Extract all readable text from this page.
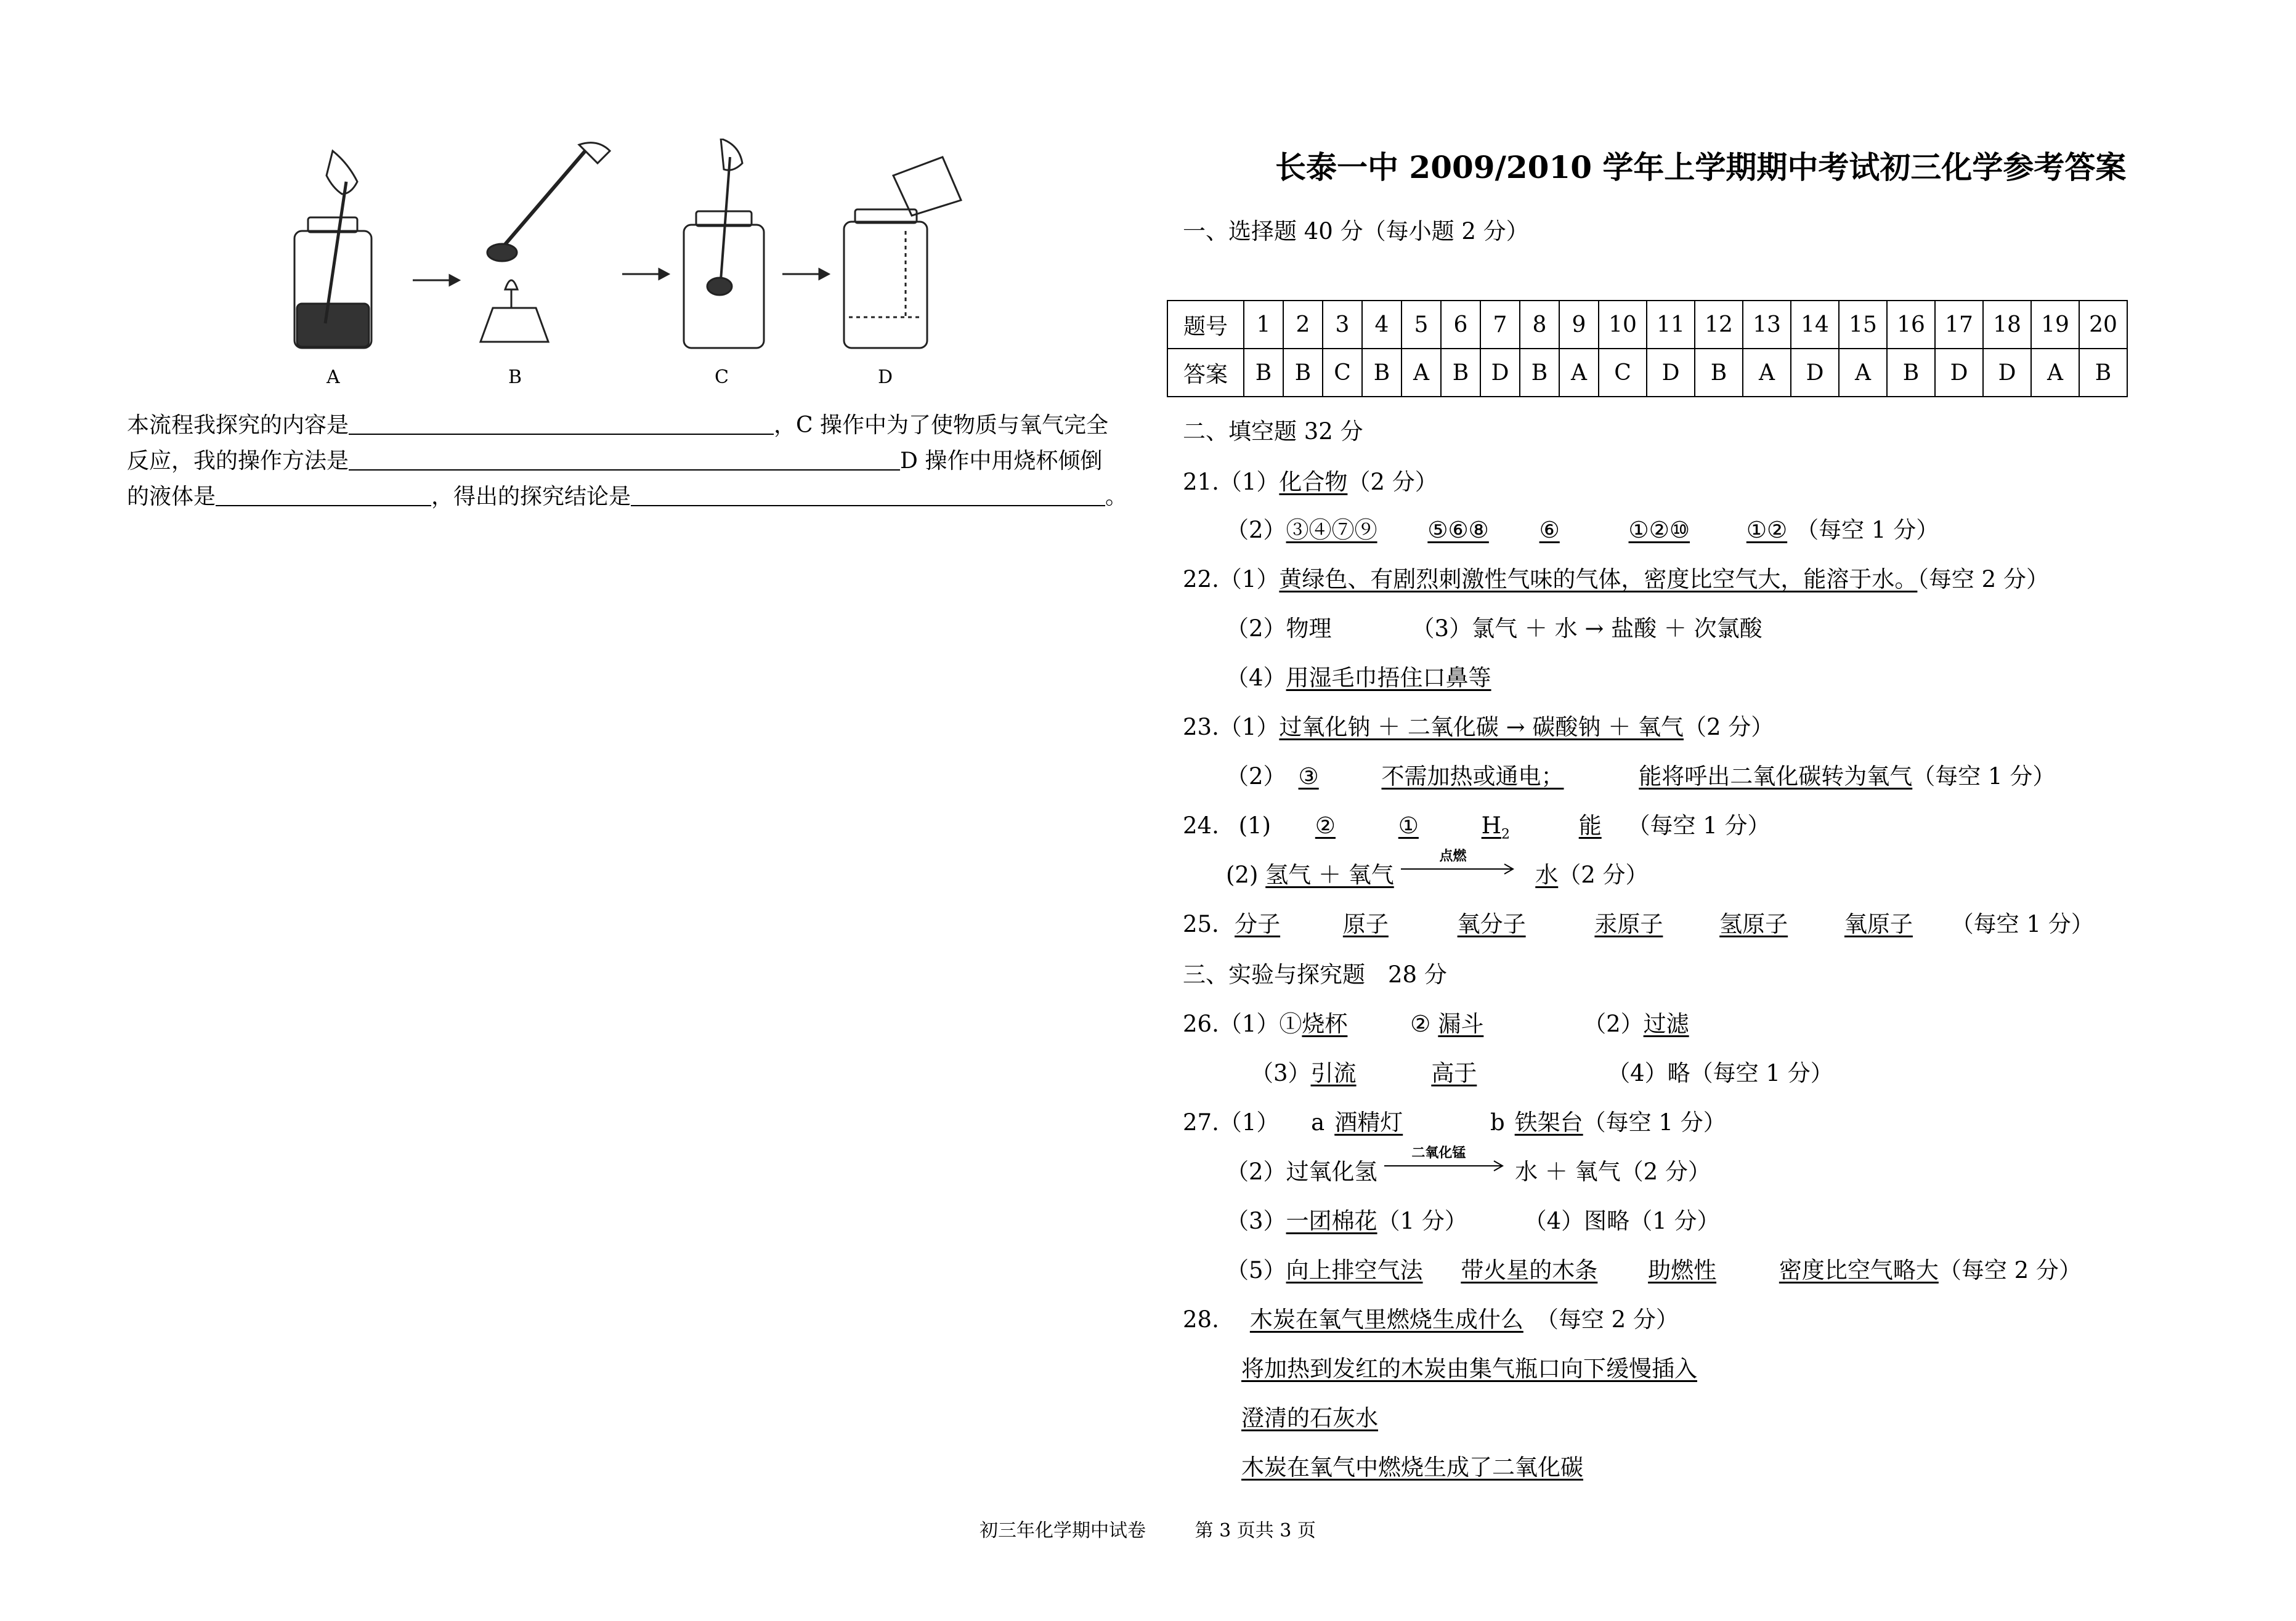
A	B	C	D
本流程我探究的内容是	，C 操作中为了使物质与氧气完全
反应，我的操作方法是	D 操作中用烧杯倾倒
的液体是	，得出的探究结论是	。
长泰一中 2009/2010 学年上学期期中考试初三化学参考答案
一、选择题 40 分（每小题 2 分）
题号	1	2	3	4	5	6	7	8	9	10	11	12	13	14	15	16	17	18	19	20
答案	B	B	C	B	A	B	D	B	A	C	D	B	A	D	A	B	D	D	A	B
二、填空题 32 分
21.（1）化合物（2 分）
（2）③④⑦⑨ ⑤⑥⑧ ⑥	①②⑩ ①② （每空 1 分）
22.（1）黄绿色、有剧烈刺激性气味的气体，密度比空气大，能溶于水。（每空 2 分）
（2）物理	（3）氯气 ＋ 水 → 盐酸 ＋ 次氯酸
（4）用湿毛巾捂住口鼻等
23.（1）过氧化钠 ＋ 二氧化碳 → 碳酸钠 ＋ 氧气（2 分）
（2） ③	不需加热或通电；	能将呼出二氧化碳转为氧气（每空 1 分）
24. (1) ②	①	$H_2$	能 （每空 1 分）
(2) 氢气 ＋ 氧气
点燃
水（2 分）
25．分子	原子	氧分子	汞原子 氢原子 氧原子 （每空 1 分）
三、实验与探究题　28 分
26.（1）①烧杯	② 漏斗	（2）过滤
（3）引流	高于	（4）略（每空 1 分）
27.（1） a 酒精灯	b 铁架台（每空 1 分）
（2）过氧化氢
二氧化锰
水 ＋ 氧气（2 分）
（3）一团棉花（1 分） （4）图略（1 分）
（5）向上排空气法 带火星的木条 助燃性	密度比空气略大（每空 2 分）
28. 木炭在氧气里燃烧生成什么 （每空 2 分）
将加热到发红的木炭由集气瓶口向下缓慢插入
澄清的石灰水
木炭在氧气中燃烧生成了二氧化碳
初三年化学期中试卷	第 3 页共 3 页
